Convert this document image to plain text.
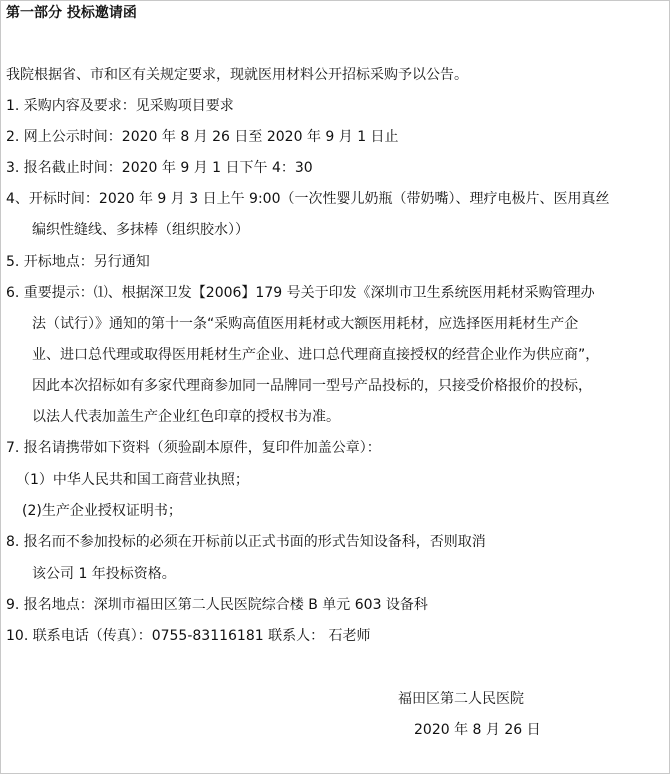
第一部分 投标邀请函
我院根据省、市和区有关规定要求，现就医用材料公开招标采购予以公告。
1. 采购内容及要求：见采购项目要求
2. 网上公示时间：2020 年 8 月 26 日至 2020 年 9 月 1 日止
3. 报名截止时间：2020 年 9 月 1 日下午 4：30
4、开标时间：2020 年 9 月 3 日上午 9:00（一次性婴儿奶瓶（带奶嘴）、理疗电极片、医用真丝
编织性缝线、多抹棒（组织胶水））
5. 开标地点：另行通知
6. 重要提示：⑴、根据深卫发【2006】179 号关于印发《深圳市卫生系统医用耗材采购管理办
法（试行）》通知的第十一条“采购高值医用耗材或大额医用耗材，应选择医用耗材生产企
业、进口总代理或取得医用耗材生产企业、进口总代理商直接授权的经营企业作为供应商”，
因此本次招标如有多家代理商参加同一品牌同一型号产品投标的，只接受价格报价的投标，
以法人代表加盖生产企业红色印章的授权书为准。
7. 报名请携带如下资料（须验副本原件，复印件加盖公章）：
（1）中华人民共和国工商营业执照；
(2)生产企业授权证明书；
8. 报名而不参加投标的必须在开标前以正式书面的形式告知设备科，否则取消
该公司 1 年投标资格。
9. 报名地点：深圳市福田区第二人民医院综合楼 B 单元 603 设备科
10. 联系电话（传真）：0755-83116181 联系人： 石老师
福田区第二人民医院
2020 年 8 月 26 日
